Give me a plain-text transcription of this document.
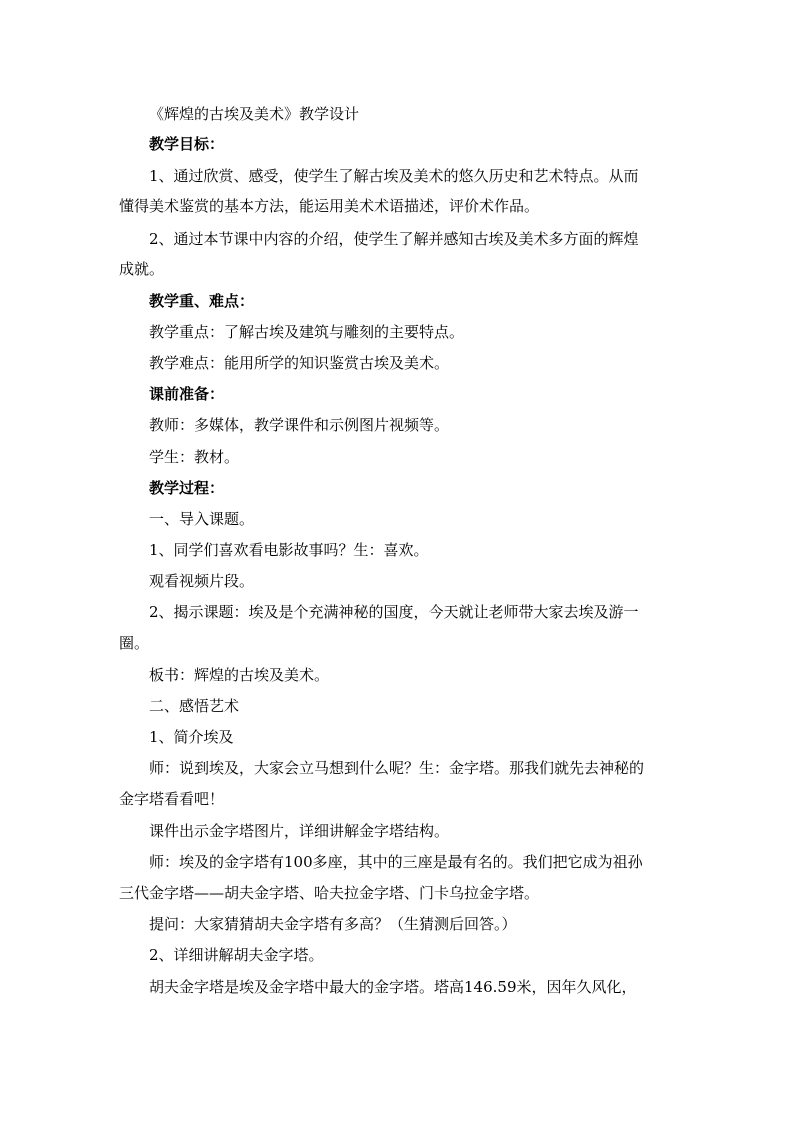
《辉煌的古埃及美术》教学设计
教学目标：
1、通过欣赏、感受，使学生了解古埃及美术的悠久历史和艺术特点。从而
懂得美术鉴赏的基本方法，能运用美术术语描述，评价术作品。
2、通过本节课中内容的介绍，使学生了解并感知古埃及美术多方面的辉煌
成就。
教学重、难点：
教学重点：了解古埃及建筑与雕刻的主要特点。
教学难点：能用所学的知识鉴赏古埃及美术。
课前准备：
教师：多媒体，教学课件和示例图片视频等。
学生：教材。
教学过程：
一、导入课题。
1、同学们喜欢看电影故事吗？生：喜欢。
观看视频片段。
2、揭示课题：埃及是个充满神秘的国度，今天就让老师带大家去埃及游一
圈。
板书：辉煌的古埃及美术。
二、感悟艺术
1、简介埃及
师：说到埃及，大家会立马想到什么呢？生：金字塔。那我们就先去神秘的
金字塔看看吧！
课件出示金字塔图片，详细讲解金字塔结构。
师：埃及的金字塔有100多座，其中的三座是最有名的。我们把它成为祖孙
三代金字塔——胡夫金字塔、哈夫拉金字塔、门卡乌拉金字塔。
提问：大家猜猜胡夫金字塔有多高？（生猜测后回答。）
2、详细讲解胡夫金字塔。
胡夫金字塔是埃及金字塔中最大的金字塔。塔高146.59米，因年久风化，
